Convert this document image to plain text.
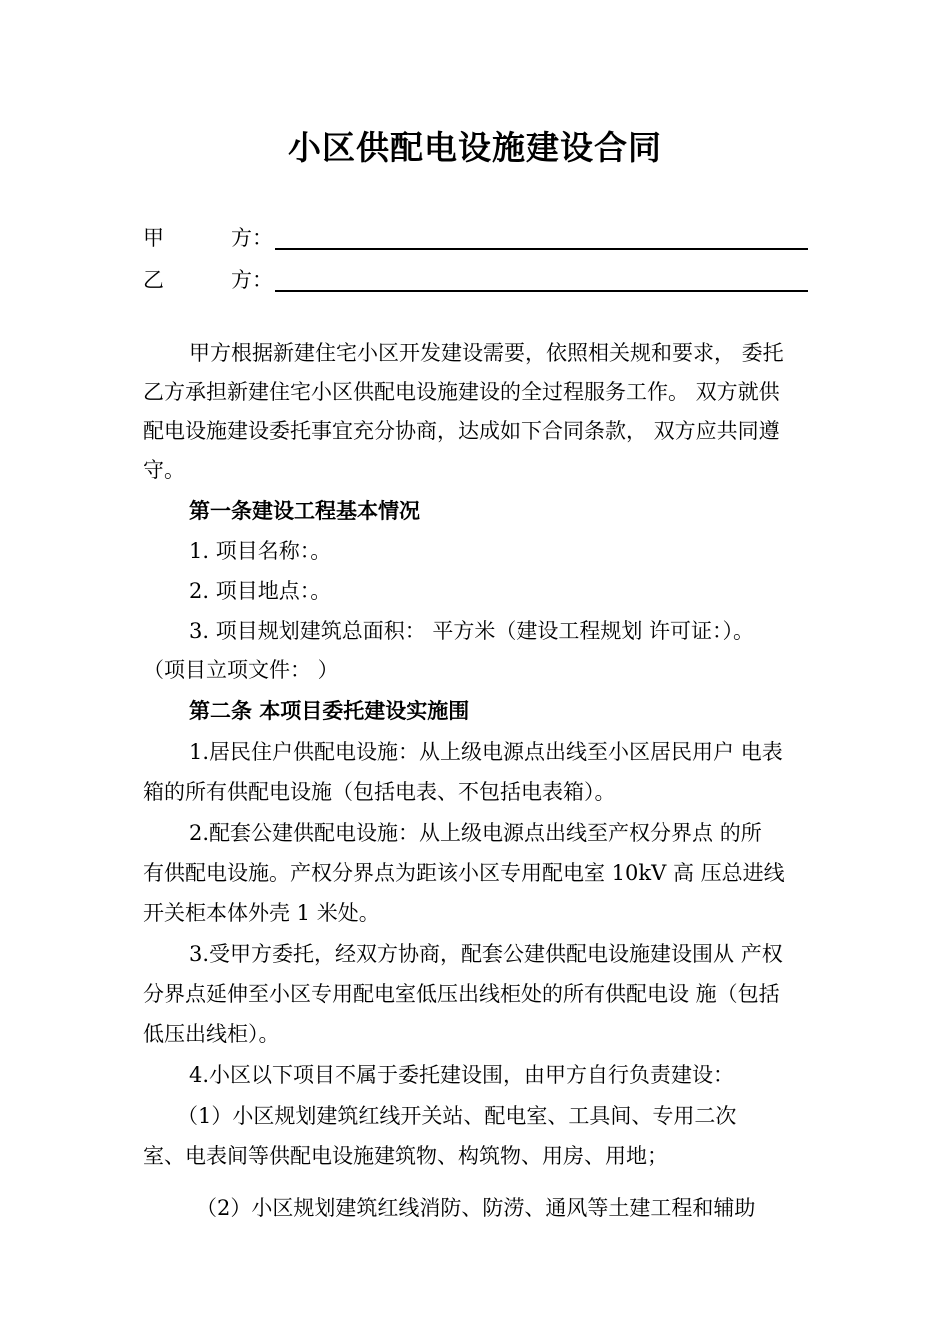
小区供配电设施建设合同
甲	方：
乙	方：
甲方根据新建住宅小区开发建设需要，依照相关规和要求， 委托
乙方承担新建住宅小区供配电设施建设的全过程服务工作。 双方就供
配电设施建设委托事宜充分协商，达成如下合同条款， 双方应共同遵
守。
第一条建设工程基本情况
1. 项目名称：。
2. 项目地点：。
3. 项目规划建筑总面积： 平方米（建设工程规划 许可证：）。
（项目立项文件： ）
第二条 本项目委托建设实施围
1.居民住户供配电设施：从上级电源点出线至小区居民用户 电表
箱的所有供配电设施（包括电表、不包括电表箱）。
2.配套公建供配电设施：从上级电源点出线至产权分界点 的所
有供配电设施。产权分界点为距该小区专用配电室 10kV 高 压总进线
开关柜本体外壳 1 米处。
3.受甲方委托，经双方协商，配套公建供配电设施建设围从 产权
分界点延伸至小区专用配电室低压出线柜处的所有供配电设 施（包括
低压出线柜）。
4.小区以下项目不属于委托建设围，由甲方自行负责建设：
（1）小区规划建筑红线开关站、配电室、工具间、专用二次
室、电表间等供配电设施建筑物、构筑物、用房、用地；
（2）小区规划建筑红线消防、防涝、通风等土建工程和辅助
